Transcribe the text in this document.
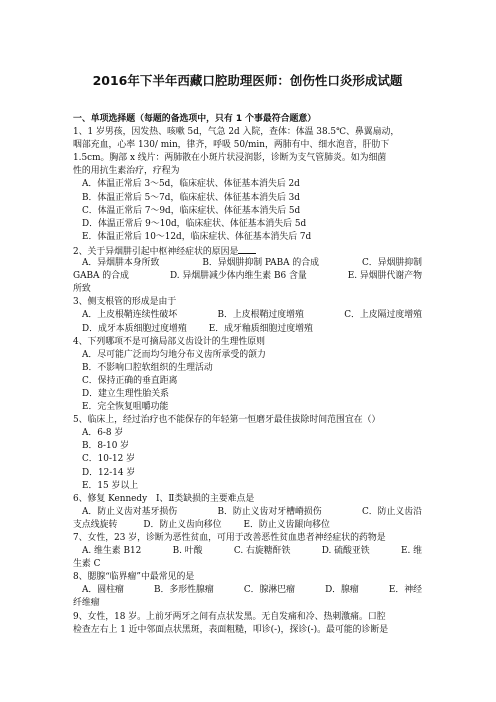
2016年下半年西藏口腔助理医师：创伤性口炎形成试题
一、单项选择题（每题的备选项中，只有 1 个事最符合题意）
1、1 岁男孩，因发热、咳嗽 5d，气急 2d 入院，查体：体温 38.5℃、鼻翼扇动，
咽部充血，心率 130/ min，律齐，呼吸 50/min，两肺有中、细水泡音，肝肋下
1.5cm。胸部 x 线片：两肺散在小斑片状浸润影，诊断为支气管肺炎。如为细菌
性的用抗生素治疗，疗程为
A．体温正常后 3～5d，临床症状、体征基本消失后 2d
B．体温正常后 5～7d，临床症状、体征基本消失后 3d
C．体温正常后 7～9d，临床症状、体征基本消失后 5d
D．体温正常后 9～10d，临床症状、体征基本消失后 5d
E．体温正常后 10～12d，临床症状、体征基本消失后 7d
2、关于异烟肼引起中枢神经症状的原因是
A．异烟肼本身所致	B．异烟肼抑制 PABA 的合成	C．异烟肼抑制
GABA 的合成	D. 异烟肼减少体内维生素 B6 含量	E. 异烟肼代谢产物
所致
3、侧支根管的形成是由于
A．上皮根鞘连续性破坏	B．上皮根鞘过度增殖	C．上皮隔过度增殖
D．成牙本质细胞过度增殖 E．成牙釉质细胞过度增殖
4、下列哪项不是可摘局部义齿设计的生理性原则
A．尽可能广泛而均匀地分布义齿所承受的颌力
B．不影响口腔软组织的生理活动
C．保持正确的垂直距离
D．建立生理性胎关系
E．完全恢复咀嚼功能
5、临床上，经过治疗也不能保存的年轻第一恒磨牙最佳拔除时间范围宜在（）
A．6-8 岁
B．8-10 岁
C．10-12 岁
D．12-14 岁
E．15 岁以上
6、修复 Kennedy　Ⅰ、Ⅱ类缺损的主要难点是
A．防止义齿对基牙损伤	B．防止义齿对牙槽嵴损伤	C．防止义齿沿
支点线旋转	D．防止义齿向移位 E．防止义齿龈向移位
7、女性，23 岁，诊断为恶性贫血，可用于改善恶性贫血患者神经症状的药物是
A. 维生素 B12	B. 叶酸	C. 右旋糖酐铁	D. 硫酸亚铁	E. 维
生素 C
8、腮腺“临界瘤”中最常见的是
A．圆柱瘤	B．多形性腺瘤	C．腺淋巴瘤	D．腺瘤	E．神经
纤维瘤
9、女性，18 岁。上前牙两牙之间有点状发黑。无自发痛和冷、热刺激痛。口腔
检查左右上 1 近中邻面点状黑斑，表面粗糙，叩诊(-)，探诊(-)。最可能的诊断是
